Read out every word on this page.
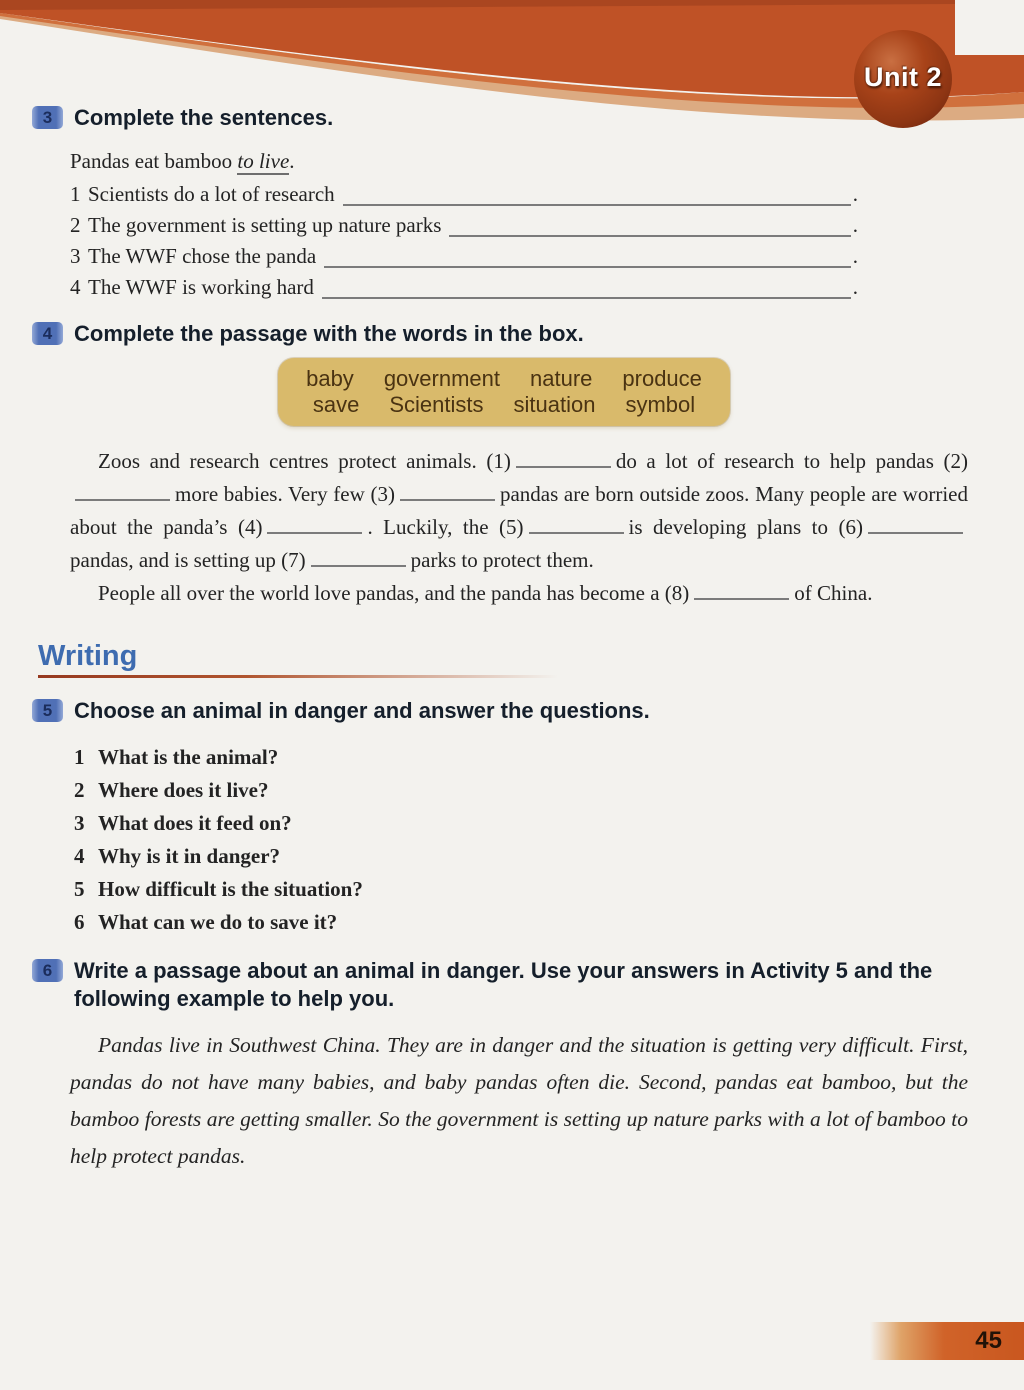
Unit 2
3 Complete the sentences.
Pandas eat bamboo to live.
1 Scientists do a lot of research	.
2 The government is setting up nature parks	.
3 The WWF chose the panda	.
4 The WWF is working hard	.
4 Complete the passage with the words in the box.
baby government nature produce
save Scientists situation symbol

Zoos and research centres protect animals. (1)	do a lot of research to help pandas (2)more babies. Very few (3)	pandas are born outside zoos. Many people are worried about the panda’s (4)	. Luckily, the (5)	is developing plans to (6)pandas, and is setting up (7)	parks to protect them.

People all over the world love pandas, and the panda has become a (8)	of China.

Writing
5 Choose an animal in danger and answer the questions.
1 What is the animal?
2 Where does it live?
3 What does it feed on?
4 Why is it in danger?
5 How difficult is the situation?
6 What can we do to save it?
6 Write a passage about an animal in danger. Use your answers in Activity 5 and the following example to help you.

Pandas live in Southwest China. They are in danger and the situation is getting very difficult. First, pandas do not have many babies, and baby pandas often die. Second, pandas eat bamboo, but the bamboo forests are getting smaller. So the government is setting up nature parks with a lot of bamboo to help protect pandas.

45
